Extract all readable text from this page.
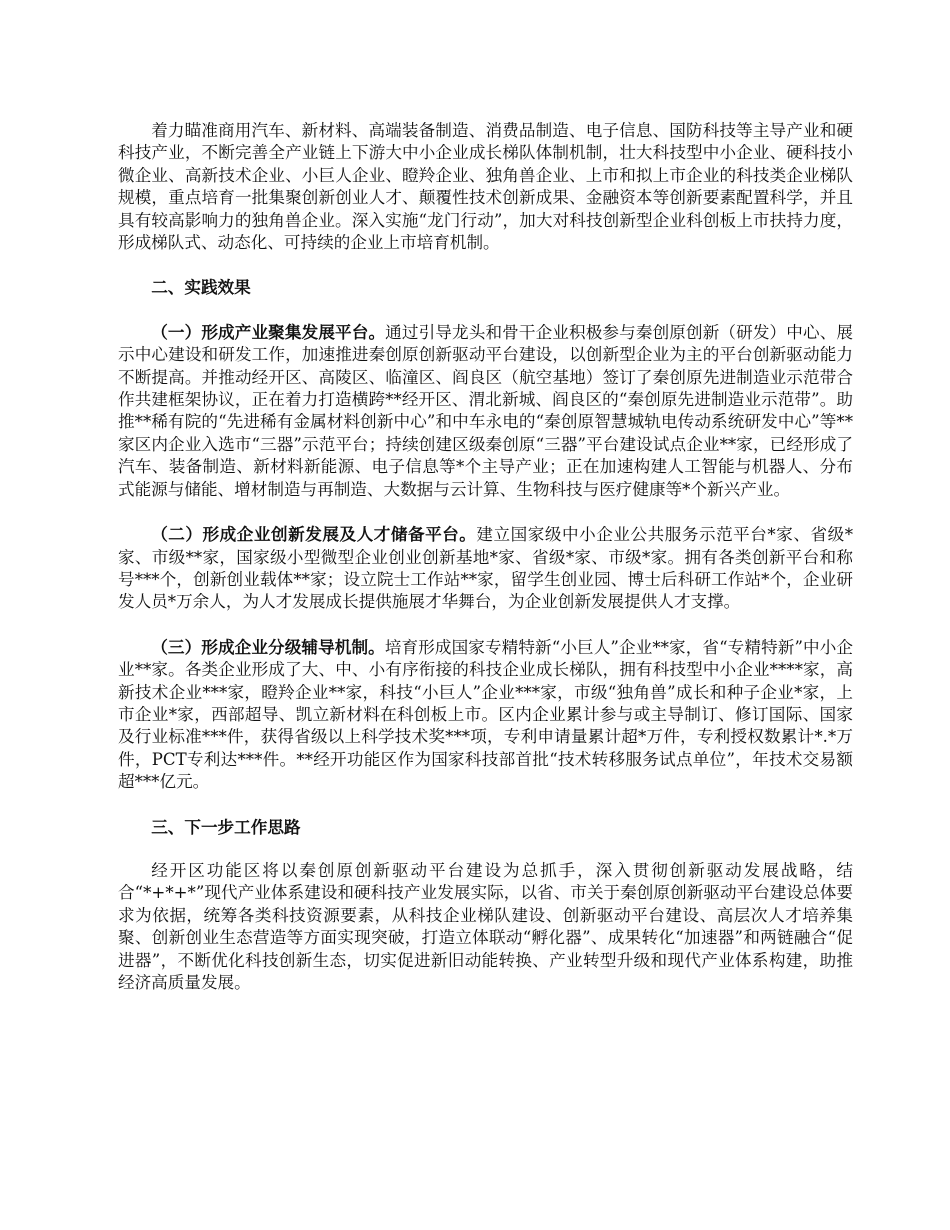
着力瞄准商用汽车、新材料、高端装备制造、消费品制造、电子信息、国防科技等主导产业和硬科技产业，不断完善全产业链上下游大中小企业成长梯队体制机制，壮大科技型中小企业、硬科技小微企业、高新技术企业、小巨人企业、瞪羚企业、独角兽企业、上市和拟上市企业的科技类企业梯队规模，重点培育一批集聚创新创业人才、颠覆性技术创新成果、金融资本等创新要素配置科学，并且具有较高影响力的独角兽企业。深入实施“龙门行动”，加大对科技创新型企业科创板上市扶持力度，形成梯队式、动态化、可持续的企业上市培育机制。

二、实践效果

（一）形成产业聚集发展平台。通过引导龙头和骨干企业积极参与秦创原创新（研发）中心、展示中心建设和研发工作，加速推进秦创原创新驱动平台建设，以创新型企业为主的平台创新驱动能力不断提高。并推动经开区、高陵区、临潼区、阎良区（航空基地）签订了秦创原先进制造业示范带合作共建框架协议，正在着力打造横跨**经开区、渭北新城、阎良区的“秦创原先进制造业示范带”。助推**稀有院的“先进稀有金属材料创新中心”和中车永电的“秦创原智慧城轨电传动系统研发中心”等**家区内企业入选市“三器”示范平台；持续创建区级秦创原“三器”平台建设试点企业**家，已经形成了汽车、装备制造、新材料新能源、电子信息等*个主导产业；正在加速构建人工智能与机器人、分布式能源与储能、增材制造与再制造、大数据与云计算、生物科技与医疗健康等*个新兴产业。

（二）形成企业创新发展及人才储备平台。建立国家级中小企业公共服务示范平台*家、省级*家、市级**家，国家级小型微型企业创业创新基地*家、省级*家、市级*家。拥有各类创新平台和称号***个，创新创业载体**家；设立院士工作站**家，留学生创业园、博士后科研工作站*个，企业研发人员*万余人，为人才发展成长提供施展才华舞台，为企业创新发展提供人才支撑。

（三）形成企业分级辅导机制。培育形成国家专精特新“小巨人”企业**家，省“专精特新”中小企业**家。各类企业形成了大、中、小有序衔接的科技企业成长梯队，拥有科技型中小企业****家，高新技术企业***家，瞪羚企业**家，科技“小巨人”企业***家，市级“独角兽”成长和种子企业*家，上市企业*家，西部超导、凯立新材料在科创板上市。区内企业累计参与或主导制订、修订国际、国家及行业标准***件，获得省级以上科学技术奖***项，专利申请量累计超*万件，专利授权数累计*.*万件，PCT专利达***件。**经开功能区作为国家科技部首批“技术转移服务试点单位”，年技术交易额超***亿元。

三、下一步工作思路

经开区功能区将以秦创原创新驱动平台建设为总抓手，深入贯彻创新驱动发展战略，结合“*+*+*”现代产业体系建设和硬科技产业发展实际，以省、市关于秦创原创新驱动平台建设总体要求为依据，统筹各类科技资源要素，从科技企业梯队建设、创新驱动平台建设、高层次人才培养集聚、创新创业生态营造等方面实现突破，打造立体联动“孵化器”、成果转化“加速器”和两链融合“促进器”，不断优化科技创新生态，切实促进新旧动能转换、产业转型升级和现代产业体系构建，助推经济高质量发展。
